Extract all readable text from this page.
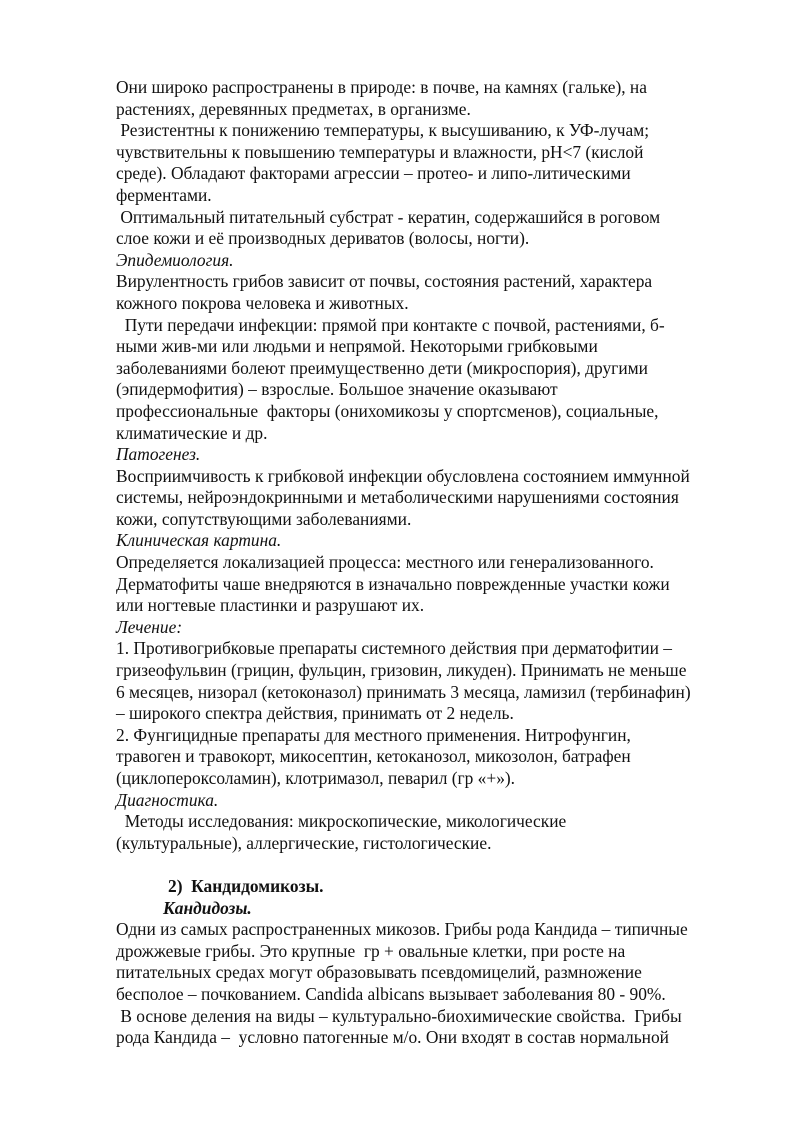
Они широко распространены в природе: в почве, на камнях (гальке), на
растениях, деревянных предметах, в организме.
Резистентны к понижению температуры, к высушиванию, к УФ-лучам;
чувствительны к повышению температуры и влажности, pH<7 (кислой
среде). Обладают факторами агрессии – протео- и липо-литическими
ферментами.
Оптимальный питательный субстрат - кератин, содержашийся в роговом
слое кожи и её производных дериватов (волосы, ногти).
Эпидемиология.
Вирулентность грибов зависит от почвы, состояния растений, характера
кожного покрова человека и животных.
Пути передачи инфекции: прямой при контакте с почвой, растениями, б-
ными жив-ми или людьми и непрямой. Некоторыми грибковыми
заболеваниями болеют преимущественно дети (микроспория), другими
(эпидермофития) – взрослые. Большое значение оказывают
профессиональные  факторы (онихомикозы у спортсменов), социальные,
климатические и др.
Патогенез.
Восприимчивость к грибковой инфекции обусловлена состоянием иммунной
системы, нейроэндокринными и метаболическими нарушениями состояния
кожи, сопутствующими заболеваниями.
Клиническая картина.
Определяется локализацией процесса: местного или генерализованного.
Дерматофиты чаше внедряются в изначально поврежденные участки кожи
или ногтевые пластинки и разрушают их.
Лечение:
1. Противогрибковые препараты системного действия при дерматофитии –
гризеофульвин (грицин, фульцин, гризовин, ликуден). Принимать не меньше
6 месяцев, низорал (кетоконазол) принимать 3 месяца, ламизил (тербинафин)
– широкого спектра действия, принимать от 2 недель.
2. Фунгицидные препараты для местного применения. Нитрофунгин,
травоген и травокорт, микосептин, кетоканозол, микозолон, батрафен
(циклопероксоламин), клотримазол, певарил (гр «+»).
Диагностика.
Методы исследования: микроскопические, микологические
(культуральные), аллергические, гистологические.
2)  Кандидомикозы.
Кандидозы.
Одни из самых распространенных микозов. Грибы рода Кандида – типичные
дрожжевые грибы. Это крупные  гр + овальные клетки, при росте на
питательных средах могут образовывать псевдомицелий, размножение
бесполое – почкованием. Candida albicans вызывает заболевания 80 - 90%.
В основе деления на виды – культурально-биохимические свойства.  Грибы
рода Кандида –  условно патогенные м/о. Они входят в состав нормальной
